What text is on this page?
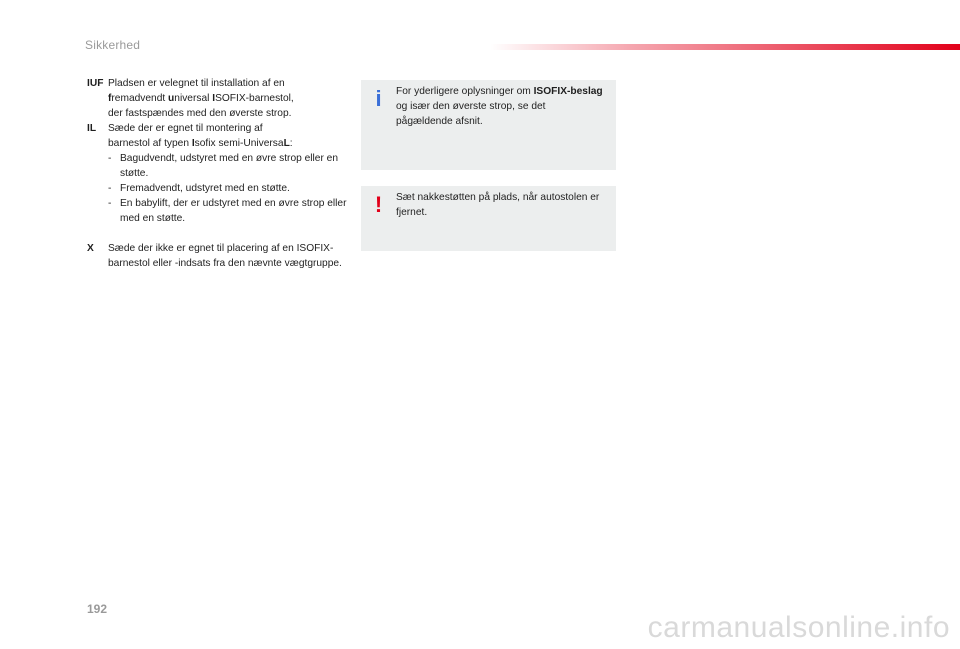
Sikkerhed
IUF Pladsen er velegnet til installation af en
fremadvendt universal ISOFIX-barnestol,
der fastspændes med den øverste strop.
IL	Sæde der er egnet til montering af
barnestol af typen Isofix semi-UniversaL:
- Bagudvendt, udstyret med en øvre strop eller en støtte.
- Fremadvendt, udstyret med en støtte.
- En babylift, der er udstyret med en øvre strop eller med en støtte.
X	Sæde der ikke er egnet til placering af en ISOFIX-barnestol eller -indsats fra den nævnte vægtgruppe.
i For yderligere oplysninger om ISOFIX-beslag og især den øverste strop, se det pågældende afsnit.
! Sæt nakkestøtten på plads, når autostolen er fjernet.
192
carmanualsonline.info
